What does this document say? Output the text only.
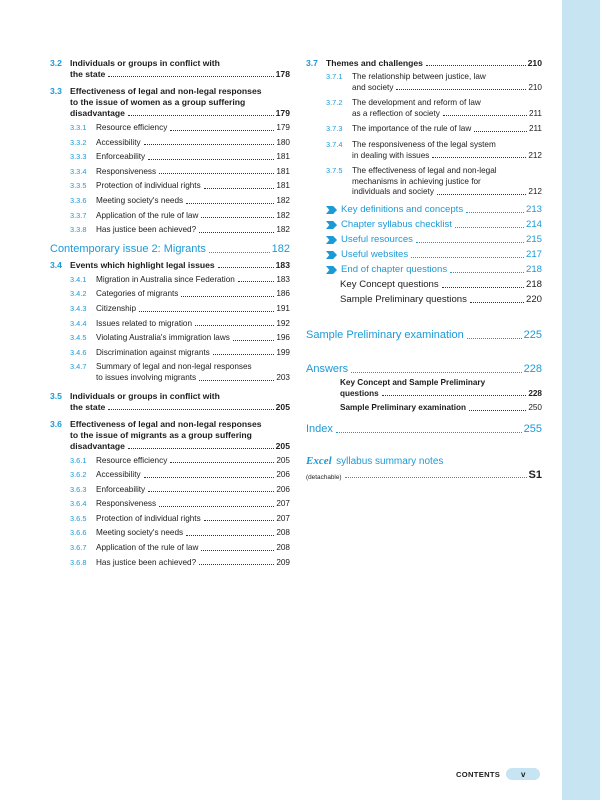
3.2 Individuals or groups in conflict with
the state	178
3.3 Effectiveness of legal and non-legal responses
to the issue of women as a group suffering
disadvantage	179
3.3.1	Resource efficiency	179
3.3.2	Accessibility	180
3.3.3	Enforceability	181
3.3.4	Responsiveness	181
3.3.5	Protection of individual rights	181
3.3.6	Meeting society's needs	182
3.3.7	Application of the rule of law	182
3.3.8	Has justice been achieved?	182
Contemporary issue 2: Migrants	182
3.4 Events which highlight legal issues	183
3.4.1	Migration in Australia since Federation	183
3.4.2	Categories of migrants	186
3.4.3	Citizenship	191
3.4.4	Issues related to migration	192
3.4.5	Violating Australia's immigration laws	196
3.4.6	Discrimination against migrants	199
3.4.7	Summary of legal and non-legal responses
to issues involving migrants	203
3.5 Individuals or groups in conflict with
the state	205
3.6 Effectiveness of legal and non-legal responses
to the issue of migrants as a group suffering
disadvantage	205
3.6.1	Resource efficiency	205
3.6.2	Accessibility	206
3.6.3	Enforceability	206
3.6.4	Responsiveness	207
3.6.5	Protection of individual rights	207
3.6.6	Meeting society's needs	208
3.6.7	Application of the rule of law	208
3.6.8	Has justice been achieved?	209
3.7 Themes and challenges	210
3.7.1	The relationship between justice, law
and society	210
3.7.2	The development and reform of law
as a reflection of society	211
3.7.3	The importance of the rule of law	211
3.7.4	The responsiveness of the legal system
in dealing with issues	212
3.7.5	The effectiveness of legal and non-legal
mechanisms in achieving justice for
individuals and society	212
Key definitions and concepts	213
Chapter syllabus checklist	214
Useful resources	215
Useful websites	217
End of chapter questions	218
Key Concept questions	218
Sample Preliminary questions	220
Sample Preliminary examination	225
Answers	228
Key Concept and Sample Preliminary
questions	228
Sample Preliminary examination	250
Index	255
Excel syllabus summary notes
(detachable)	S1
CONTENTS	v
